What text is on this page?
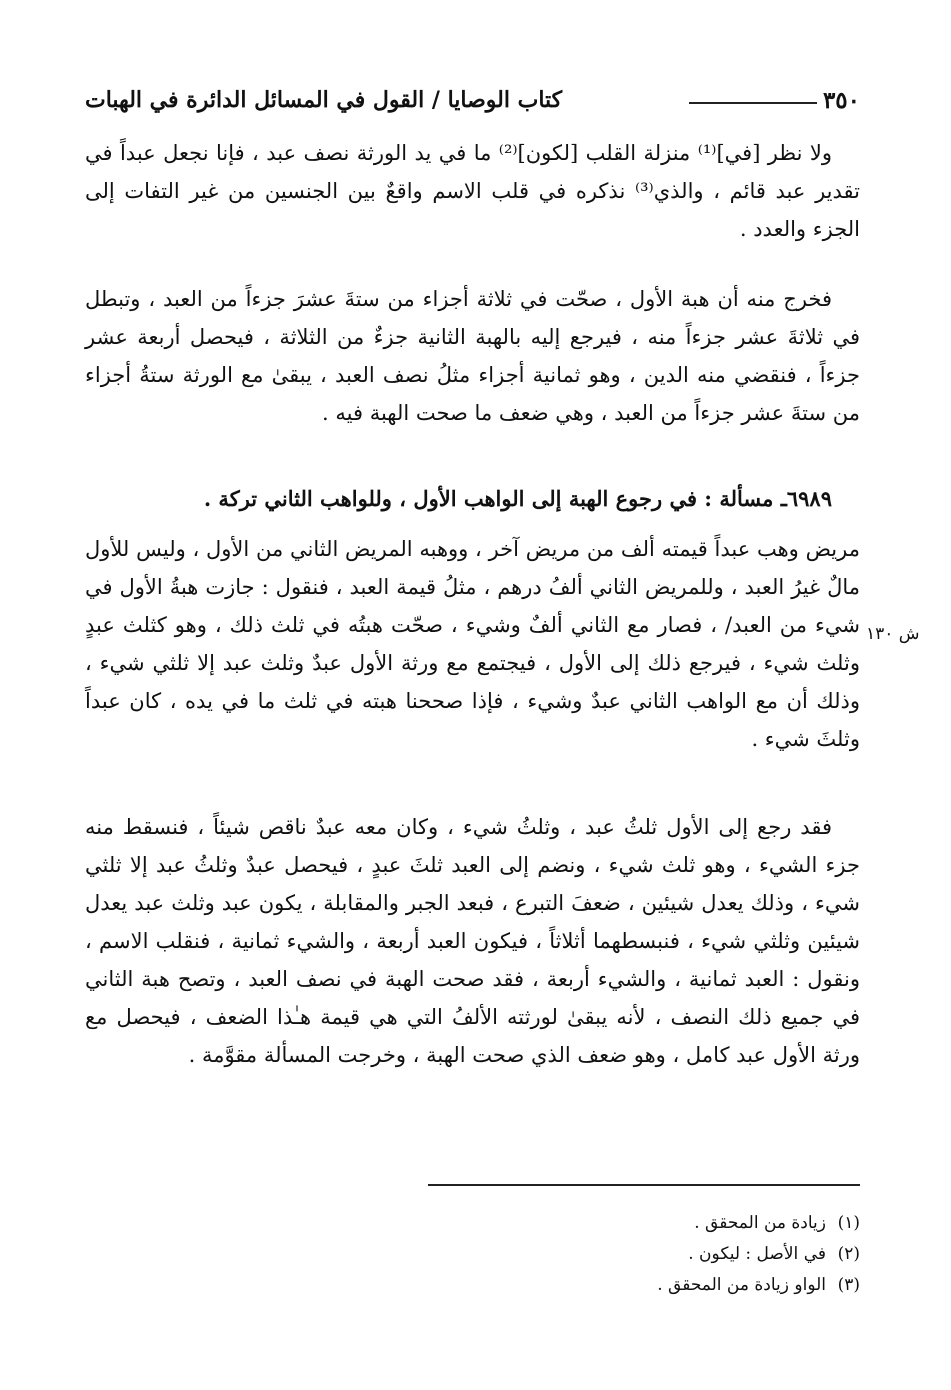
كتاب الوصايا / القول في المسائل الدائرة في الهبات	٣٥٠

ولا نظر [في]⁽¹⁾ منزلة القلب [لكون]⁽²⁾ ما في يد الورثة نصف عبد ، فإنا نجعل عبداً في تقدير عبد قائم ، والذي⁽³⁾ نذكره في قلب الاسم واقعٌ بين الجنسين من غير التفات إلى الجزء والعدد .

فخرج منه أن هبة الأول ، صحّت في ثلاثة أجزاء من ستةَ عشرَ جزءاً من العبد ، وتبطل في ثلاثةَ عشر جزءاً منه ، فيرجع إليه بالهبة الثانية جزءٌ من الثلاثة ، فيحصل أربعة عشر جزءاً ، فنقضي منه الدين ، وهو ثمانية أجزاء مثلُ نصف العبد ، يبقىٰ مع الورثة ستةُ أجزاء من ستةَ عشر جزءاً من العبد ، وهي ضعف ما صحت الهبة فيه .

٦٩٨٩ـ مسألة : في رجوع الهبة إلى الواهب الأول ، وللواهب الثاني تركة .

مريض وهب عبداً قيمته ألف من مريض آخر ، ووهبه المريض الثاني من الأول ، وليس للأول مالٌ غيرُ العبد ، وللمريض الثاني ألفُ درهم ، مثلُ قيمة العبد ، فنقول : جازت هبةُ الأول في شيء من العبد/ ، فصار مع الثاني ألفٌ وشيء ، صحّت هبتُه في ثلث ذلك ، وهو كثلث عبدٍ وثلث شيء ، فيرجع ذلك إلى الأول ، فيجتمع مع ورثة الأول عبدٌ وثلث عبد إلا ثلثي شيء ، وذلك أن مع الواهب الثاني عبدٌ وشيء ، فإذا صححنا هبته في ثلث ما في يده ، كان عبداً وثلثَ شيء .

فقد رجع إلى الأول ثلثُ عبد ، وثلثُ شيء ، وكان معه عبدٌ ناقص شيئاً ، فنسقط منه جزء الشيء ، وهو ثلث شيء ، ونضم إلى العبد ثلثَ عبدٍ ، فيحصل عبدٌ وثلثُ عبد إلا ثلثي شيء ، وذلك يعدل شيئين ، ضعفَ التبرع ، فبعد الجبر والمقابلة ، يكون عبد وثلث عبد يعدل شيئين وثلثي شيء ، فنبسطهما أثلاثاً ، فيكون العبد أربعة ، والشيء ثمانية ، فنقلب الاسم ، ونقول : العبد ثمانية ، والشيء أربعة ، فقد صحت الهبة في نصف العبد ، وتصح هبة الثاني في جميع ذلك النصف ، لأنه يبقىٰ لورثته الألفُ التي هي قيمة هـٰذا الضعف ، فيحصل مع ورثة الأول عبد كامل ، وهو ضعف الذي صحت الهبة ، وخرجت المسألة مقوَّمة .

ش ١٣٠
(١)
زيادة من المحقق .
(٢)
في الأصل : ليكون .
(٣)
الواو زيادة من المحقق .
